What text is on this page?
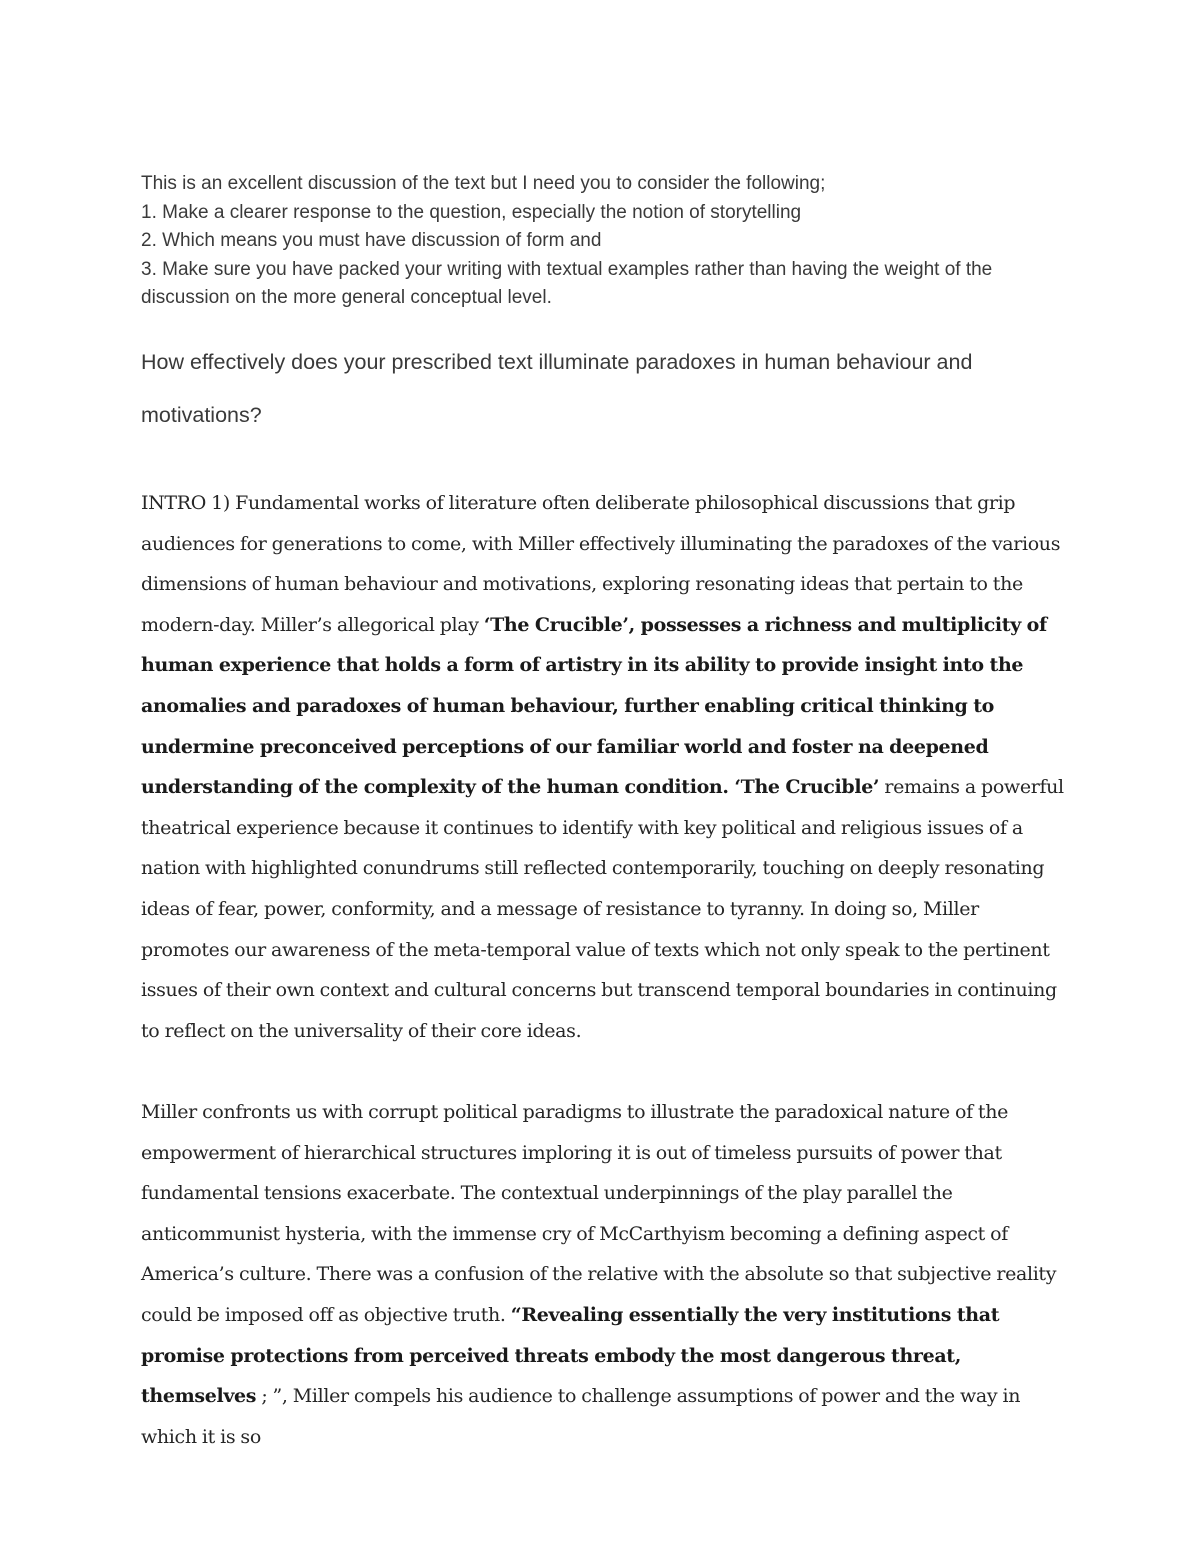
This is an excellent discussion of the text but I need you to consider the following;

1. Make a clearer response to the question, especially the notion of storytelling

2. Which means you must have discussion of form and

3. Make sure you have packed your writing with textual examples rather than having the weight of the discussion on the more general conceptual level.

How effectively does your prescribed text illuminate paradoxes in human behaviour and motivations?

INTRO 1) Fundamental works of literature often deliberate philosophical discussions that grip audiences for generations to come, with Miller effectively illuminating the paradoxes of the various dimensions of human behaviour and motivations, exploring resonating ideas that pertain to the modern-day. Miller’s allegorical play ‘The Crucible’, possesses a richness and multiplicity of human experience that holds a form of artistry in its ability to provide insight into the anomalies and paradoxes of human behaviour, further enabling critical thinking to undermine preconceived perceptions of our familiar world and foster na deepened understanding of the complexity of the human condition. ‘The Crucible’ remains a powerful theatrical experience because it continues to identify with key political and religious issues of a nation with highlighted conundrums still reflected contemporarily, touching on deeply resonating ideas of fear, power, conformity, and a message of resistance to tyranny. In doing so, Miller promotes our awareness of the meta-temporal value of texts which not only speak to the pertinent issues of their own context and cultural concerns but transcend temporal boundaries in continuing to reflect on the universality of their core ideas.

Miller confronts us with corrupt political paradigms to illustrate the paradoxical nature of the empowerment of hierarchical structures imploring it is out of timeless pursuits of power that fundamental tensions exacerbate. The contextual underpinnings of the play parallel the anticommunist hysteria, with the immense cry of McCarthyism becoming a defining aspect of America’s culture. There was a confusion of the relative with the absolute so that subjective reality could be imposed off as objective truth. “Revealing essentially the very institutions that promise protections from perceived threats embody the most dangerous threat, themselves ; ”, Miller compels his audience to challenge assumptions of power and the way in which it is so
